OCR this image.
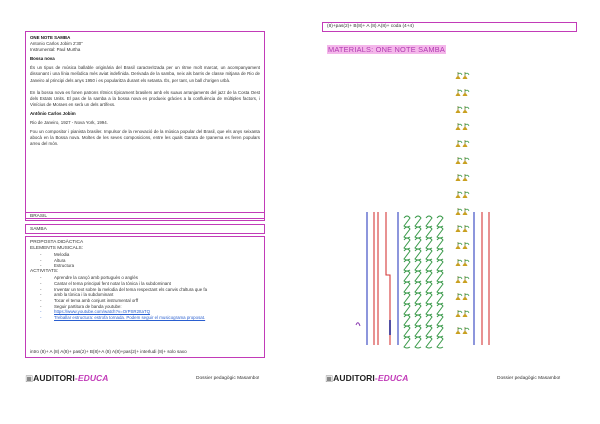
ONE NOTE SAMBA
Antonio Carlos Jobim 2’30”
Instrumental: Paul Murtha
Bossa nova

És un tipus de música ballable originària del Brasil caracteritzada per un ritme molt marcat, un acompanyament dissonant i una línia melòdica més aviat indefinida. Derivada de la samba, neix als barris de classe mitjana de Rio de Janeiro al principi dels anys 1950 i es popularitza durant els setanta. És, per tant, un ball d’origen urbà.

En la bossa nova es fonen patrons rítmics típicament brasilers amb els suaus arranjaments del jazz de la Costa Oest dels Estats Units. El pas de la samba a la bossa nova es produeix gràcies a la confluència de múltiples factors, i Vinícius de Moraes en serà un dels artífexs.

Antônio Carlos Jobim
Rio de Janeiro, 1927 - Nova York, 1994.

Fou un compositor i pianista brasiler. Impulsor de la renovació de la música popular del Brasil, que els anys seixanta abocà en la Bossa nova. Moltes de les seves composicions, entre les quals Garota de Ipanema es feren populars arreu del món.

BRASIL
SAMBA
PROPOSTA DIDÀCTICA
ELEMENTS MUSICALS:
- Melodia
- Altura
- Estructura
ACTIVITATS:
- Aprendre la cançó amb portuguès o anglès
- Cantar el tema principal fent notar la tònica i la subdominant
- Inventar un text sobre la melodia del tema respectant els canvis d’altura que fa
- amb la tònica i la subdominant
- Tocar el tema amb conjunt instrumental orff
- Seguir partitura de banda youtube:
- https://www.youtube.com/watch?v=OrPSR2ItaTQ
- Treballar estructura: estrofa tornada. Podem seguir el musicograma proposat.
intro (8)+ A (8) A(8)+ pas(2)+ B(8)+A (8) A(8)+pas(2)+ interludi (8)+ solo saxo
▣AUDITORI-EDUCA	Dossier pedagògic Masambo!
(8)+pas(2)+ B(8)+ A (8) A(8)+ coda (4+4)
MATERIALS: ONE NOTE SAMBA
▣AUDITORI-EDUCA	Dossier pedagògic Masambo!
